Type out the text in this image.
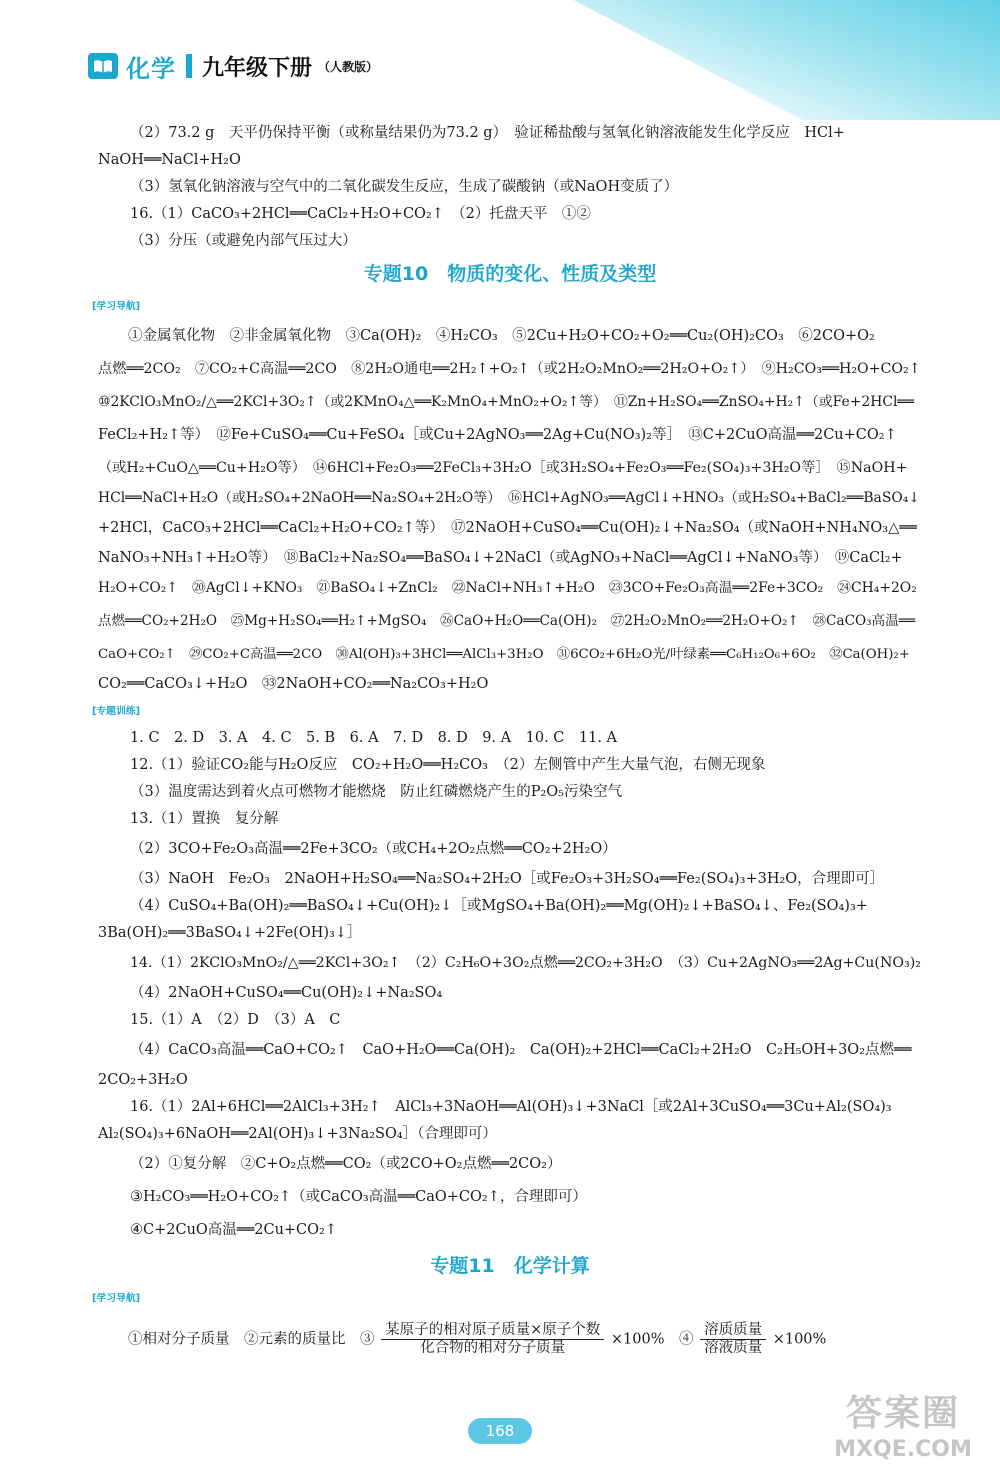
化学 九年级下册 （人教版）
（2）73.2 g　天平仍保持平衡（或称量结果仍为73.2 g）　验证稀盐酸与氢氧化钠溶液能发生化学反应　HCl+
NaOH══NaCl+H₂O
（3）氢氧化钠溶液与空气中的二氧化碳发生反应，生成了碳酸钠（或NaOH变质了）
16.（1）CaCO₃+2HCl══CaCl₂+H₂O+CO₂↑　（2）托盘天平　①②
（3）分压（或避免内部气压过大）
专题10　物质的变化、性质及类型
[学习导航]
①金属氧化物　②非金属氧化物　③Ca(OH)₂　④H₂CO₃　⑤2Cu+H₂O+CO₂+O₂══Cu₂(OH)₂CO₃　⑥2CO+O₂
点燃══2CO₂　⑦CO₂+C高温══2CO　⑧2H₂O通电══2H₂↑+O₂↑（或2H₂O₂MnO₂══2H₂O+O₂↑）　⑨H₂CO₃══H₂O+CO₂↑
⑩2KClO₃MnO₂/△══2KCl+3O₂↑（或2KMnO₄△══K₂MnO₄+MnO₂+O₂↑等）　⑪Zn+H₂SO₄══ZnSO₄+H₂↑（或Fe+2HCl══
FeCl₂+H₂↑等）　⑫Fe+CuSO₄══Cu+FeSO₄［或Cu+2AgNO₃══2Ag+Cu(NO₃)₂等］　⑬C+2CuO高温══2Cu+CO₂↑
（或H₂+CuO△══Cu+H₂O等）　⑭6HCl+Fe₂O₃══2FeCl₃+3H₂O［或3H₂SO₄+Fe₂O₃══Fe₂(SO₄)₃+3H₂O等］　⑮NaOH+
HCl══NaCl+H₂O（或H₂SO₄+2NaOH══Na₂SO₄+2H₂O等）　⑯HCl+AgNO₃══AgCl↓+HNO₃（或H₂SO₄+BaCl₂══BaSO₄↓
+2HCl，CaCO₃+2HCl══CaCl₂+H₂O+CO₂↑等）　⑰2NaOH+CuSO₄══Cu(OH)₂↓+Na₂SO₄（或NaOH+NH₄NO₃△══
NaNO₃+NH₃↑+H₂O等）　⑱BaCl₂+Na₂SO₄══BaSO₄↓+2NaCl（或AgNO₃+NaCl══AgCl↓+NaNO₃等）　⑲CaCl₂+
H₂O+CO₂↑　⑳AgCl↓+KNO₃　㉑BaSO₄↓+ZnCl₂　㉒NaCl+NH₃↑+H₂O　㉓3CO+Fe₂O₃高温══2Fe+3CO₂　㉔CH₄+2O₂
点燃══CO₂+2H₂O　㉕Mg+H₂SO₄══H₂↑+MgSO₄　㉖CaO+H₂O══Ca(OH)₂　㉗2H₂O₂MnO₂══2H₂O+O₂↑　㉘CaCO₃高温══
CaO+CO₂↑　㉙CO₂+C高温══2CO　㉚Al(OH)₃+3HCl══AlCl₃+3H₂O　㉛6CO₂+6H₂O光/叶绿素══C₆H₁₂O₆+6O₂　㉜Ca(OH)₂+
CO₂══CaCO₃↓+H₂O　㉝2NaOH+CO₂══Na₂CO₃+H₂O
[专题训练]
1. C　2. D　3. A　4. C　5. B　6. A　7. D　8. D　9. A　10. C　11. A
12.（1）验证CO₂能与H₂O反应　CO₂+H₂O══H₂CO₃　（2）左侧管中产生大量气泡，右侧无现象
（3）温度需达到着火点可燃物才能燃烧　防止红磷燃烧产生的P₂O₅污染空气
13.（1）置换　复分解
（2）3CO+Fe₂O₃高温══2Fe+3CO₂（或CH₄+2O₂点燃══CO₂+2H₂O）
（3）NaOH　Fe₂O₃　2NaOH+H₂SO₄══Na₂SO₄+2H₂O［或Fe₂O₃+3H₂SO₄══Fe₂(SO₄)₃+3H₂O，合理即可］
（4）CuSO₄+Ba(OH)₂══BaSO₄↓+Cu(OH)₂↓［或MgSO₄+Ba(OH)₂══Mg(OH)₂↓+BaSO₄↓、Fe₂(SO₄)₃+
3Ba(OH)₂══3BaSO₄↓+2Fe(OH)₃↓］
14.（1）2KClO₃MnO₂/△══2KCl+3O₂↑　（2）C₂H₆O+3O₂点燃══2CO₂+3H₂O　（3）Cu+2AgNO₃══2Ag+Cu(NO₃)₂
（4）2NaOH+CuSO₄══Cu(OH)₂↓+Na₂SO₄
15.（1）A　（2）D　（3）A　C
（4）CaCO₃高温══CaO+CO₂↑　CaO+H₂O══Ca(OH)₂　Ca(OH)₂+2HCl══CaCl₂+2H₂O　C₂H₅OH+3O₂点燃══
2CO₂+3H₂O
16.（1）2Al+6HCl══2AlCl₃+3H₂↑　AlCl₃+3NaOH══Al(OH)₃↓+3NaCl［或2Al+3CuSO₄══3Cu+Al₂(SO₄)₃
Al₂(SO₄)₃+6NaOH══2Al(OH)₃↓+3Na₂SO₄］（合理即可）
（2）①复分解　②C+O₂点燃══CO₂（或2CO+O₂点燃══2CO₂）
③H₂CO₃══H₂O+CO₂↑（或CaCO₃高温══CaO+CO₂↑，合理即可）
④C+2CuO高温══2Cu+CO₂↑
专题11　化学计算
[学习导航]
①相对分子质量　②元素的质量比　③ $\frac{\text{某原子的相对原子质量×原子个数}}{\text{化合物的相对分子质量}} \times 100\%$　④ $\frac{\text{溶质质量}}{\text{溶液质量}} \times 100\%$
168	答案圈
MXQE.COM
